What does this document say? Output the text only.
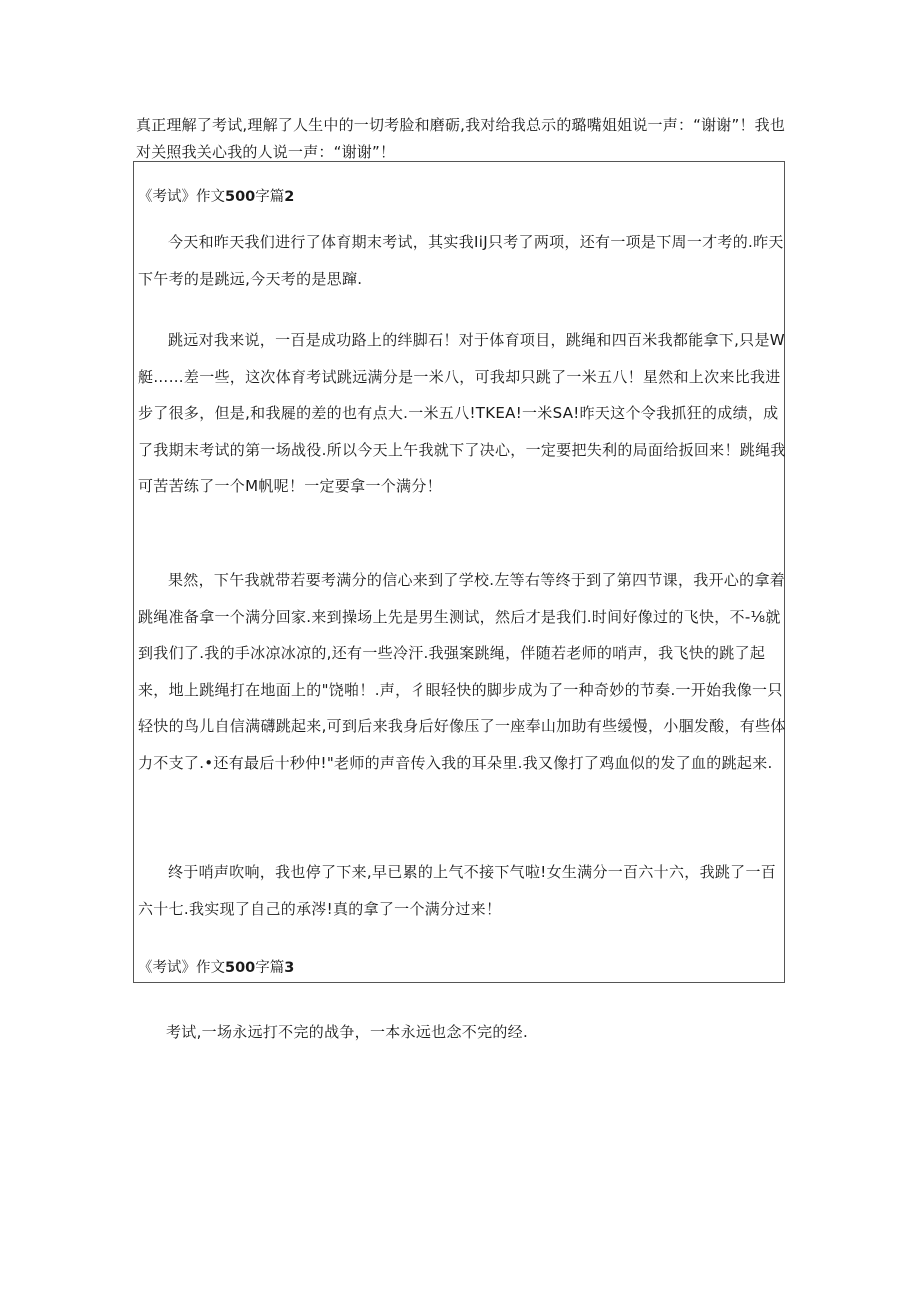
真正理解了考试,理解了人生中的一切考脸和磨砺,我对给我总示的璐嘴姐姐说一声：“谢谢”！我也对关照我关心我的人说一声：“谢谢”！
《考试》作文500字篇2
今天和昨天我们进行了体育期末考试，其实我IiJ只考了两项，还有一项是下周一才考的.昨天下午考的是跳远,今天考的是思蹿.
跳远对我来说，一百是成功路上的绊脚石！对于体育项目，跳绳和四百米我都能拿下,只是W艇……差一些，这次体育考试跳远满分是一米八，可我却只跳了一米五八！星然和上次来比我进步了很多，但是,和我屣的差的也有点大.一米五八!TKEA!一米SA!昨天这个令我抓狂的成绩，成了我期末考试的第一场战役.所以今天上午我就下了决心，一定要把失利的局面给扳回来！跳绳我可苦苦练了一个M帆呢！一定要拿一个满分！
果然，下午我就带若要考满分的信心来到了学校.左等右等终于到了第四节课，我开心的拿着跳绳准备拿一个满分回家.来到操场上先是男生测试，然后才是我们.时间好像过的飞快，不-⅛就到我们了.我的手冰凉冰凉的,还有一些冷汗.我强案跳绳，伴随若老师的哨声，我飞快的跳了起来，地上跳绳打在地面上的"饶啪！.声，彳眼轻快的脚步成为了一种奇妙的节奏.一开始我像一只轻快的鸟儿自信满礴跳起来,可到后来我身后好像压了一座奉山加助有些缓慢，小腘发酸，有些体力不支了.•还有最后十秒仲!"老师的声音传入我的耳朵里.我又像打了鸡血似的发了血的跳起来.
终于哨声吹响，我也停了下来,早已累的上气不接下气啦!女生满分一百六十六，我跳了一百六十七.我实现了自己的承涔!真的拿了一个满分过来！
《考试》作文500字篇3
考试,一场永远打不完的战争，一本永远也念不完的经.
